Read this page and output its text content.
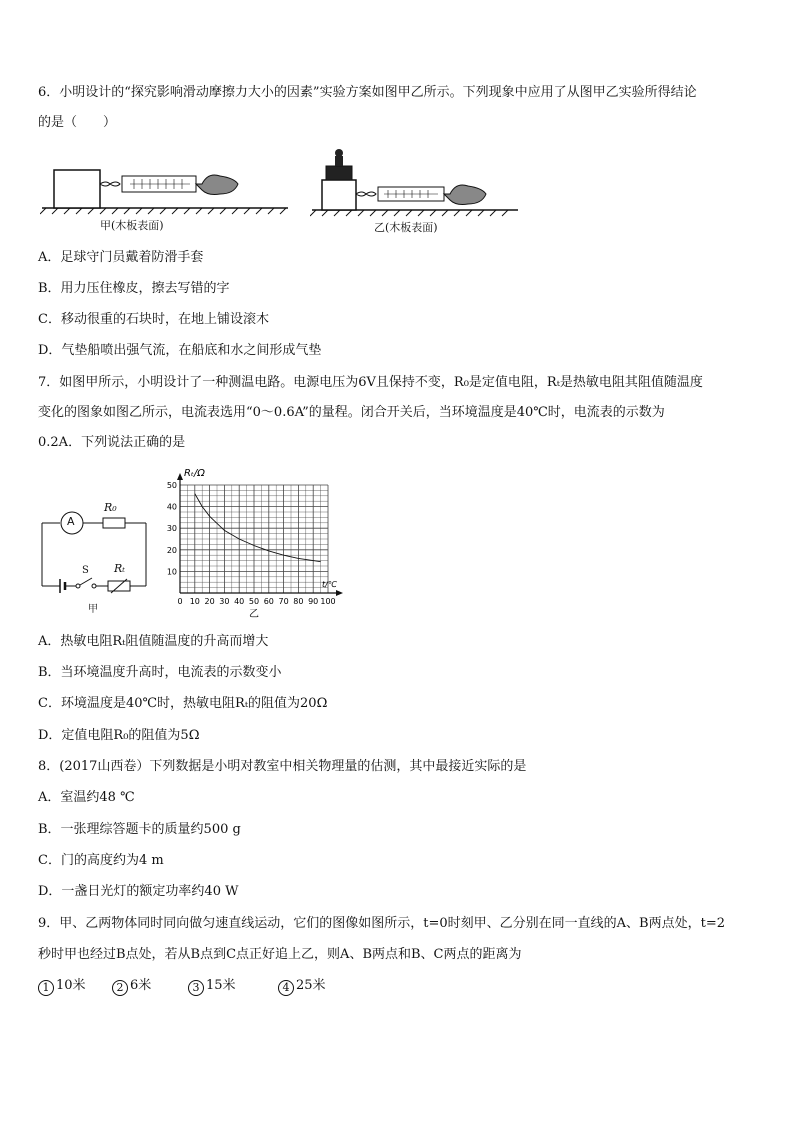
6．小明设计的“探究影响滑动摩擦力大小的因素”实验方案如图甲乙所示。下列现象中应用了从图甲乙实验所得结论
的是（　　）
甲(木板表面)	乙(木板表面)
A．足球守门员戴着防滑手套
B．用力压住橡皮，擦去写错的字
C．移动很重的石块时，在地上铺设滚木
D．气垫船喷出强气流，在船底和水之间形成气垫
7．如图甲所示，小明设计了一种测温电路。电源电压为6V且保持不变，R₀是定值电阻，Rₜ是热敏电阻其阻值随温度
变化的图象如图乙所示，电流表选用“0～0.6A”的量程。闭合开关后，当环境温度是40℃时，电流表的示数为
0.2A．下列说法正确的是
A
R₀
S Rₜ
甲
0 10 20 30 40 50 60 70 80 90 100
10
20
30
40
50
Rₜ/Ω
t/℃
乙
A．热敏电阻Rₜ阻值随温度的升高而增大
B．当环境温度升高时，电流表的示数变小
C．环境温度是40℃时，热敏电阻Rₜ的阻值为20Ω
D．定值电阻R₀的阻值为5Ω
8．(2017山西卷）下列数据是小明对教室中相关物理量的估测，其中最接近实际的是
A．室温约48 ℃
B．一张理综答题卡的质量约500 g
C．门的高度约为4 m
D．一盏日光灯的额定功率约40 W
9．甲、乙两物体同时同向做匀速直线运动，它们的图像如图所示，t=0时刻甲、乙分别在同一直线的A、B两点处，t=2
秒时甲也经过B点处，若从B点到C点正好追上乙，则A、B两点和B、C两点的距离为
1 10米	2 6米	3 15米	4 25米
